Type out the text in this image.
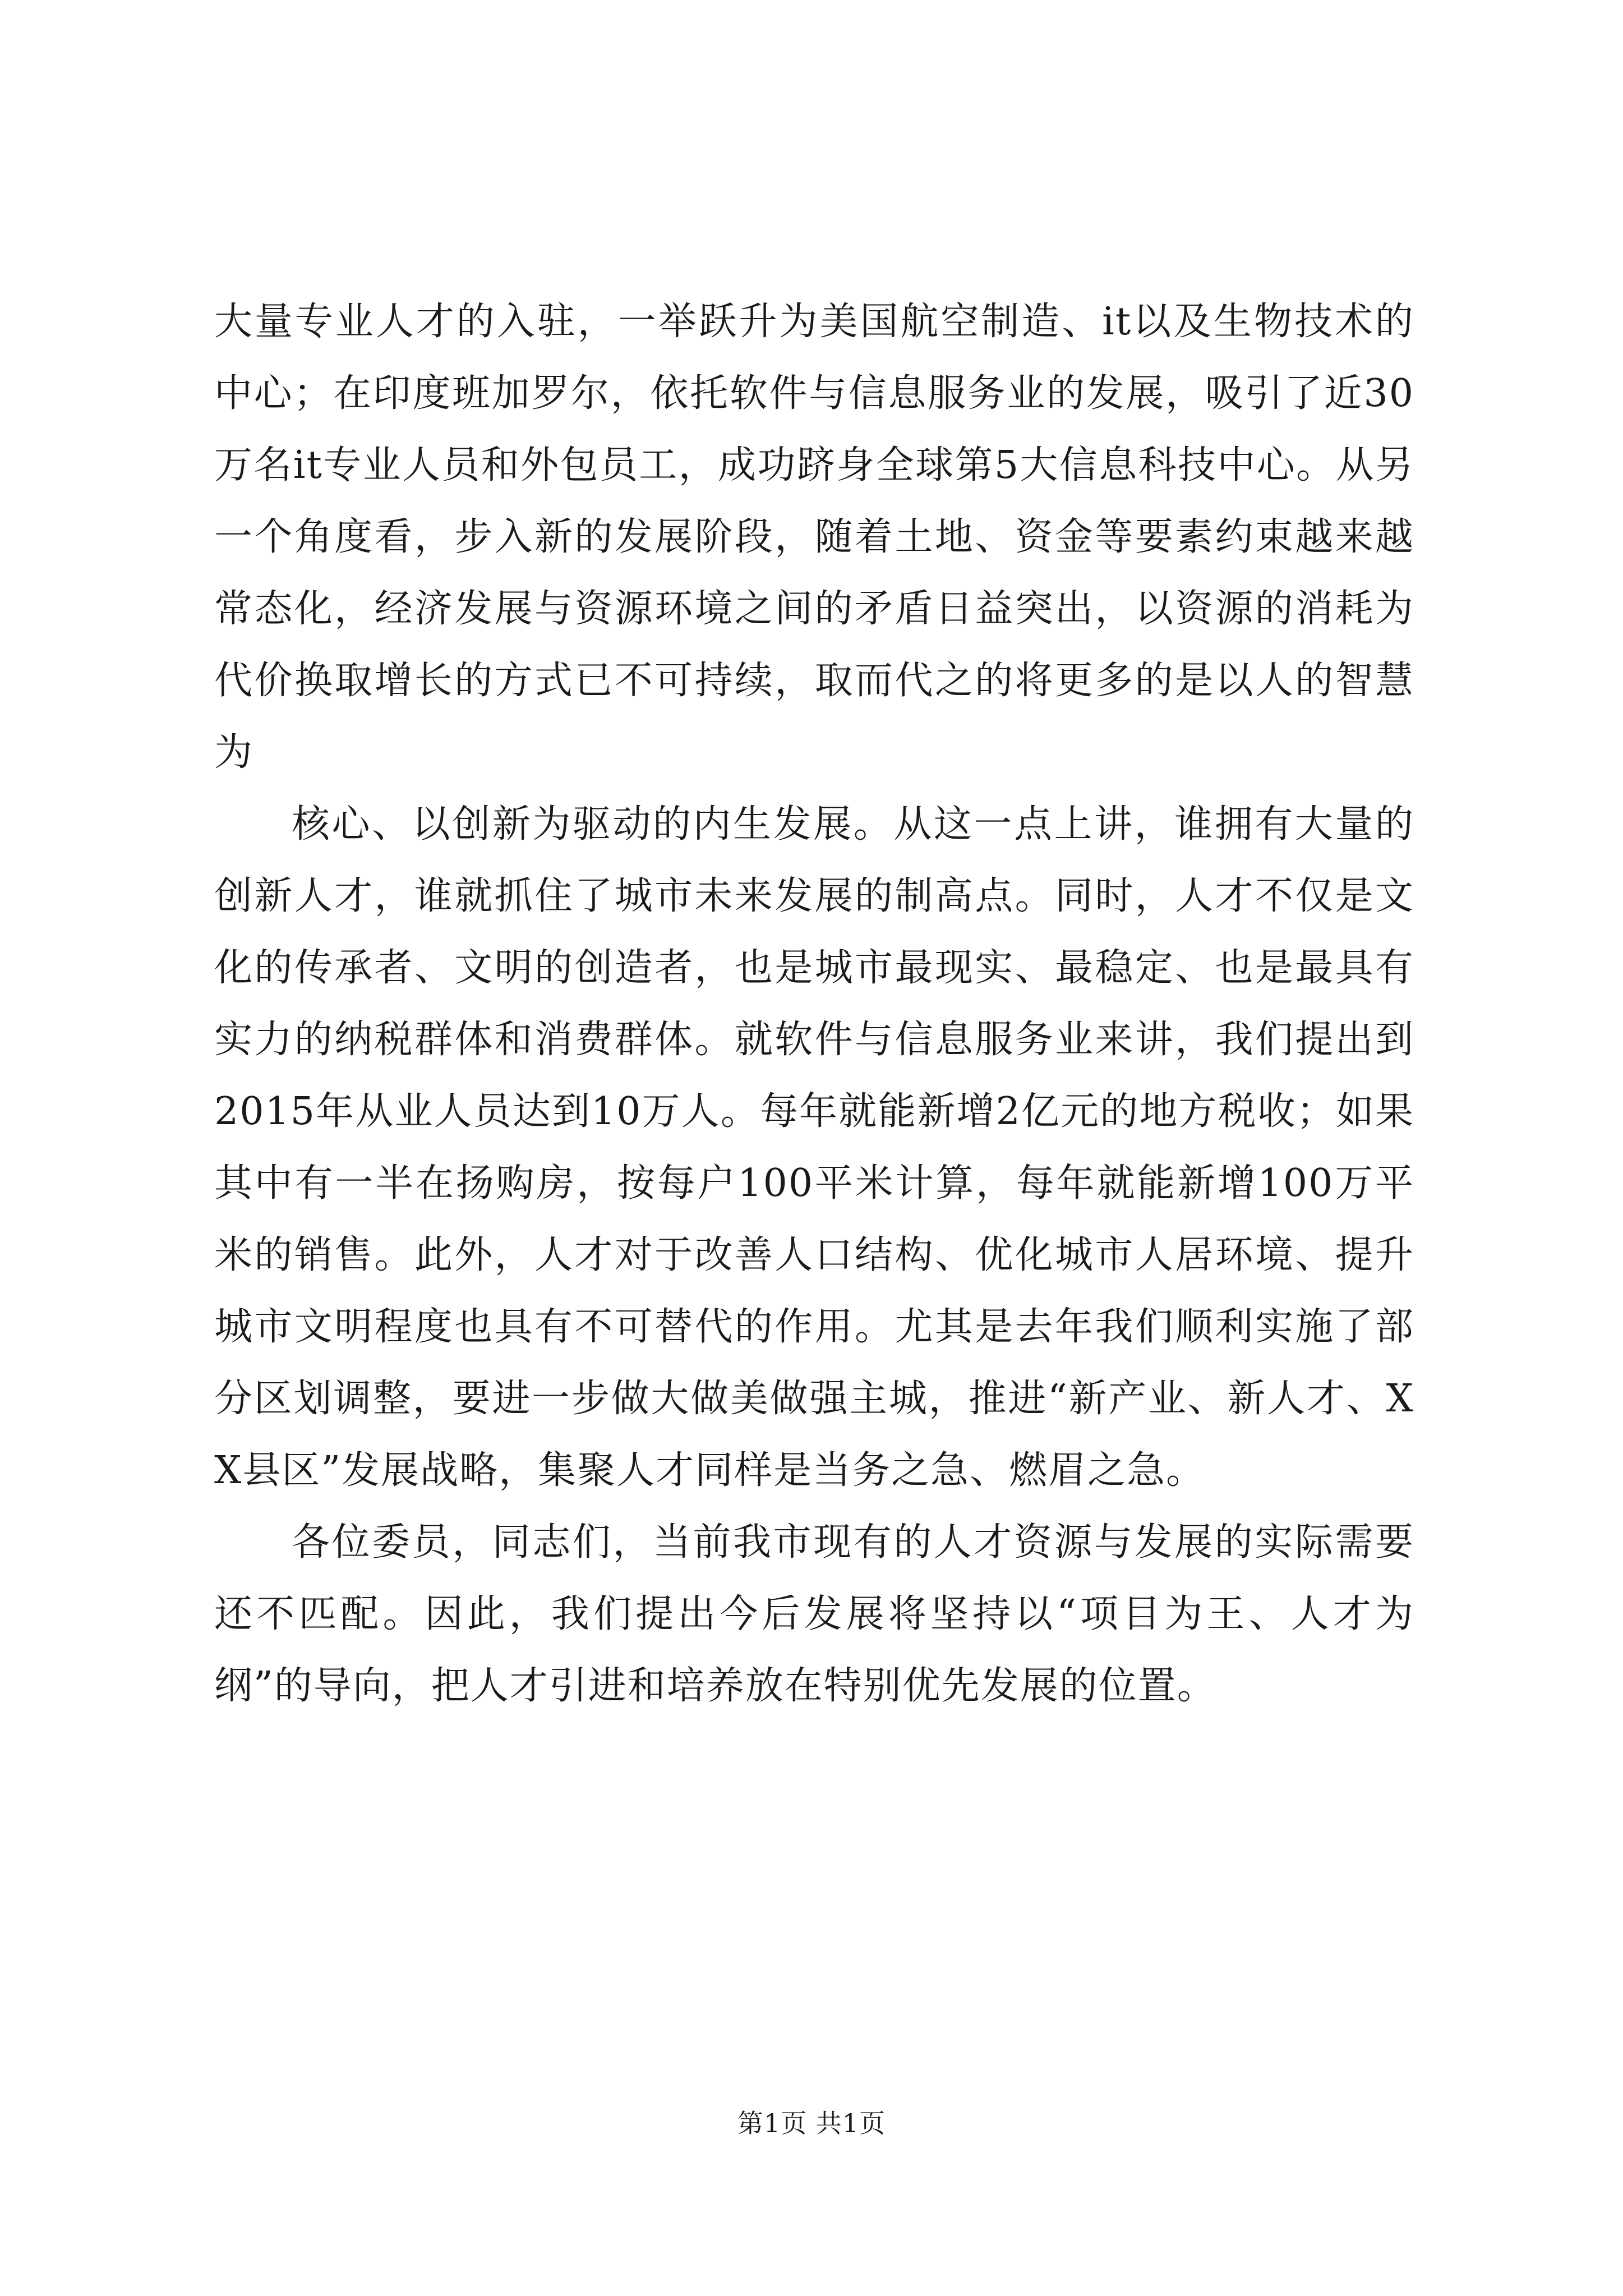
大量专业人才的入驻，一举跃升为美国航空制造、it以及生物技术的中心；在印度班加罗尔，依托软件与信息服务业的发展，吸引了近30万名it专业人员和外包员工，成功跻身全球第5大信息科技中心。从另一个角度看，步入新的发展阶段，随着土地、资金等要素约束越来越常态化，经济发展与资源环境之间的矛盾日益突出，以资源的消耗为代价换取增长的方式已不可持续，取而代之的将更多的是以人的智慧为

核心、以创新为驱动的内生发展。从这一点上讲，谁拥有大量的创新人才，谁就抓住了城市未来发展的制高点。同时，人才不仅是文化的传承者、文明的创造者，也是城市最现实、最稳定、也是最具有实力的纳税群体和消费群体。就软件与信息服务业来讲，我们提出到2015年从业人员达到10万人。每年就能新增2亿元的地方税收；如果其中有一半在扬购房，按每户100平米计算，每年就能新增100万平米的销售。此外，人才对于改善人口结构、优化城市人居环境、提升城市文明程度也具有不可替代的作用。尤其是去年我们顺利实施了部分区划调整，要进一步做大做美做强主城，推进“新产业、新人才、XX县区”发展战略，集聚人才同样是当务之急、燃眉之急。

各位委员，同志们，当前我市现有的人才资源与发展的实际需要还不匹配。因此，我们提出今后发展将坚持以“项目为王、人才为纲”的导向，把人才引进和培养放在特别优先发展的位置。

第1页 共1页
